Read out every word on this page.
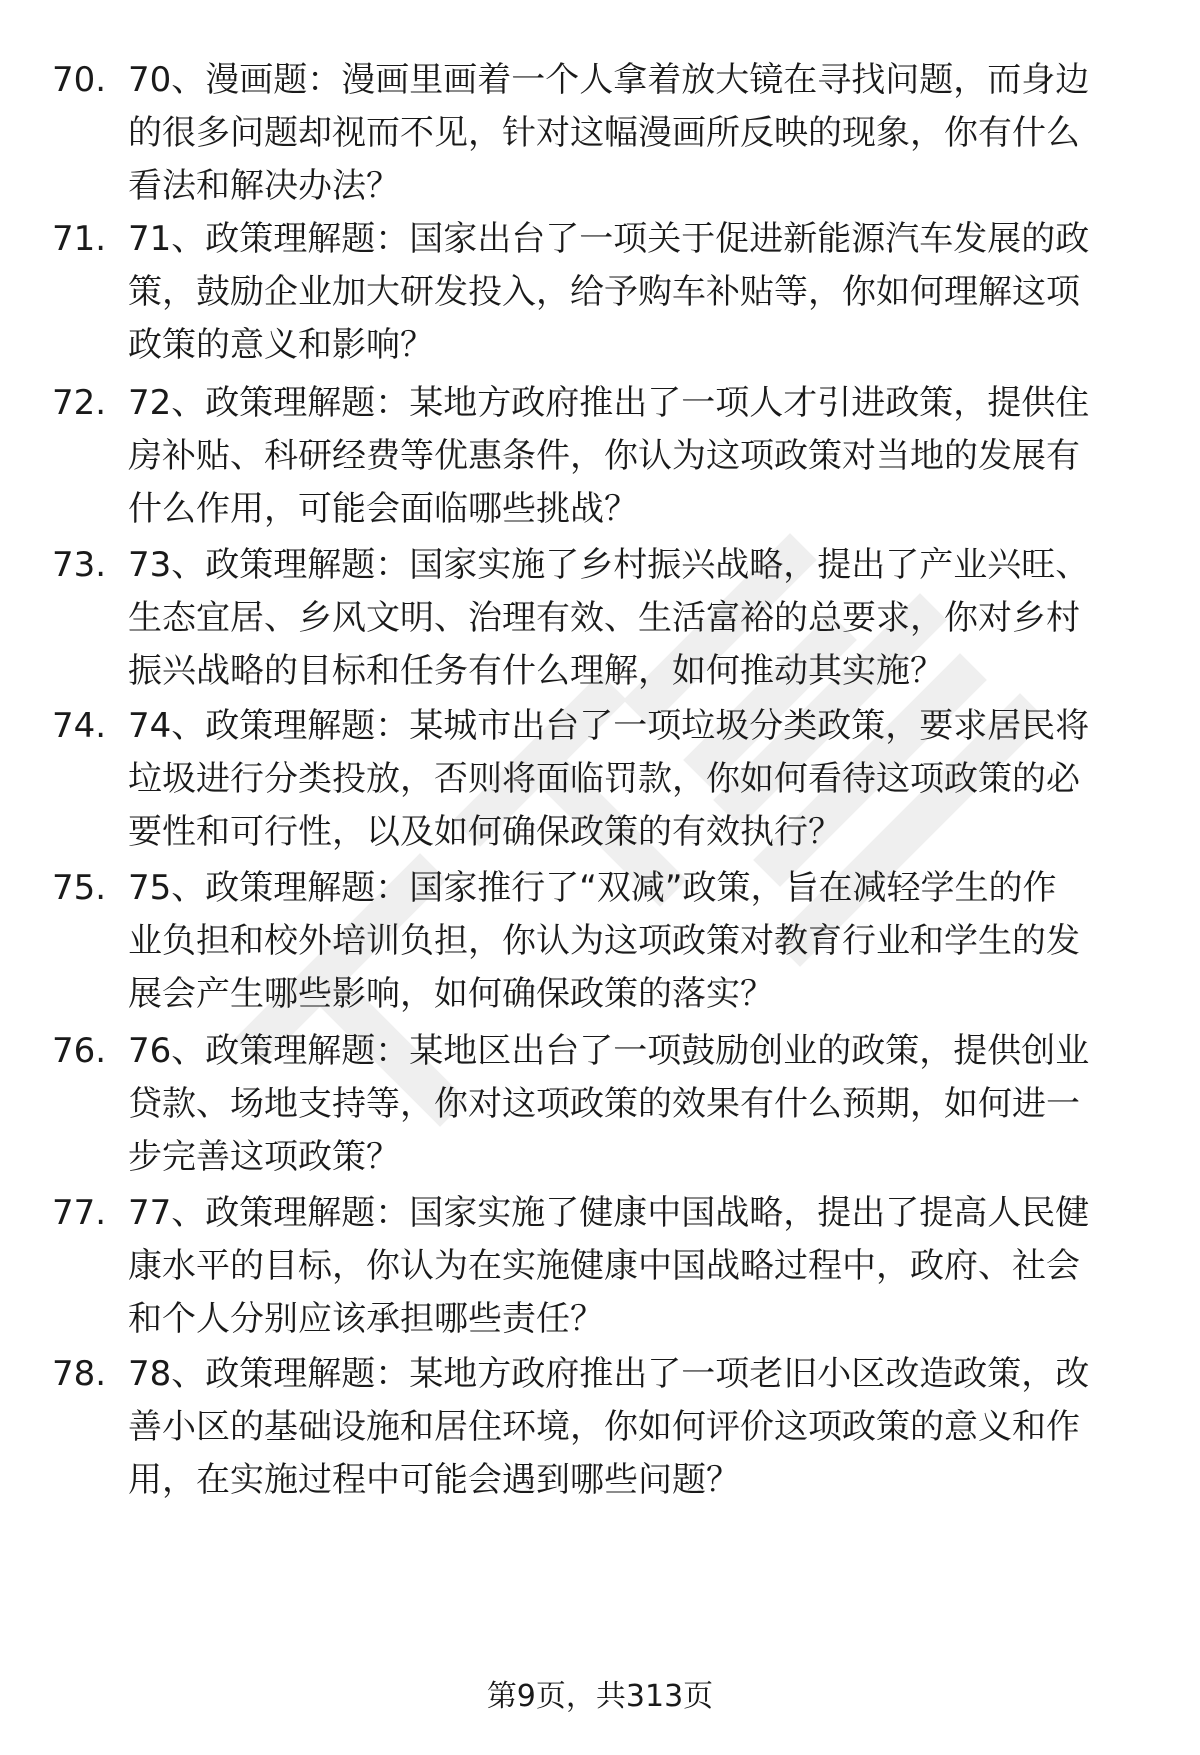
70. 70、漫画题：漫画里画着一个人拿着放大镜在寻找问题，而身边
的很多问题却视而不见，针对这幅漫画所反映的现象，你有什么
看法和解决办法？
71. 71、政策理解题：国家出台了一项关于促进新能源汽车发展的政
策，鼓励企业加大研发投入，给予购车补贴等，你如何理解这项
政策的意义和影响？
72. 72、政策理解题：某地方政府推出了一项人才引进政策，提供住
房补贴、科研经费等优惠条件，你认为这项政策对当地的发展有
什么作用，可能会面临哪些挑战？
73. 73、政策理解题：国家实施了乡村振兴战略，提出了产业兴旺、
生态宜居、乡风文明、治理有效、生活富裕的总要求，你对乡村
振兴战略的目标和任务有什么理解，如何推动其实施？
74. 74、政策理解题：某城市出台了一项垃圾分类政策，要求居民将
垃圾进行分类投放，否则将面临罚款，你如何看待这项政策的必
要性和可行性，以及如何确保政策的有效执行？
75. 75、政策理解题：国家推行了“双减”政策，旨在减轻学生的作
业负担和校外培训负担，你认为这项政策对教育行业和学生的发
展会产生哪些影响，如何确保政策的落实？
76. 76、政策理解题：某地区出台了一项鼓励创业的政策，提供创业
贷款、场地支持等，你对这项政策的效果有什么预期，如何进一
步完善这项政策？
77. 77、政策理解题：国家实施了健康中国战略，提出了提高人民健
康水平的目标，你认为在实施健康中国战略过程中，政府、社会
和个人分别应该承担哪些责任？
78. 78、政策理解题：某地方政府推出了一项老旧小区改造政策，改
善小区的基础设施和居住环境，你如何评价这项政策的意义和作
用，在实施过程中可能会遇到哪些问题？
第9页，共313页
